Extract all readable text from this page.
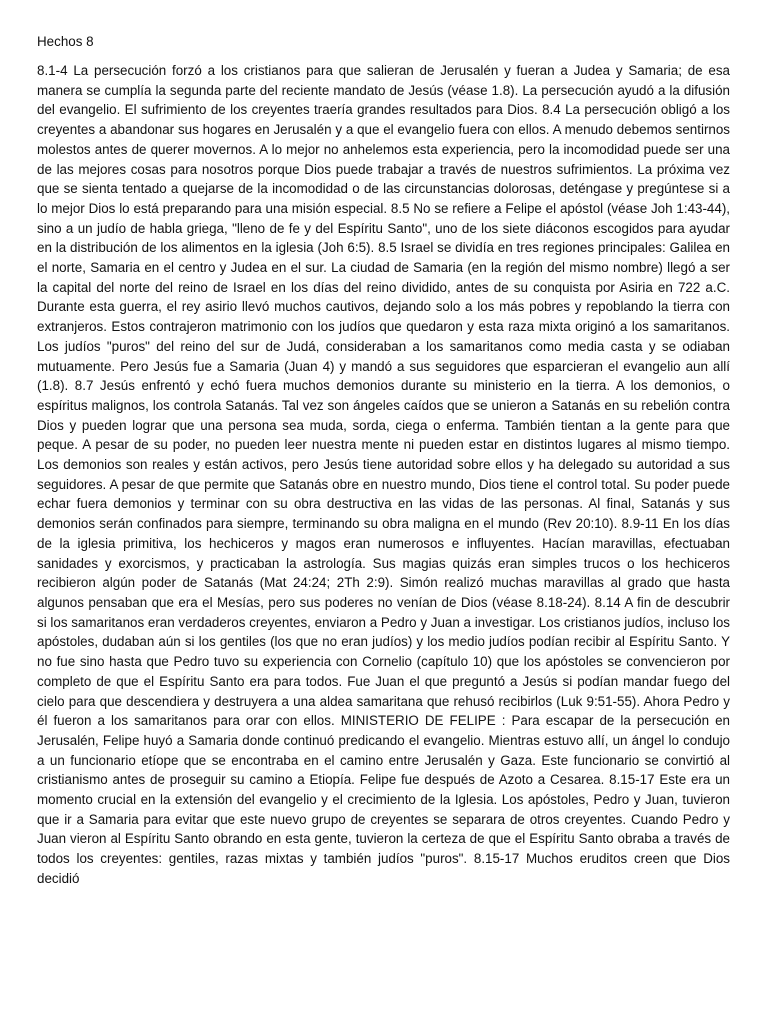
Hechos 8

8.1-4 La persecución forzó a los cristianos para que salieran de Jerusalén y fueran a Judea y Samaria; de esa manera se cumplía la segunda parte del reciente mandato de Jesús (véase 1.8). La persecución ayudó a la difusión del evangelio. El sufrimiento de los creyentes traería grandes resultados para Dios. 8.4 La persecución obligó a los creyentes a abandonar sus hogares en Jerusalén y a que el evangelio fuera con ellos. A menudo debemos sentirnos molestos antes de querer movernos. A lo mejor no anhelemos esta experiencia, pero la incomodidad puede ser una de las mejores cosas para nosotros porque Dios puede trabajar a través de nuestros sufrimientos. La próxima vez que se sienta tentado a quejarse de la incomodidad o de las circunstancias dolorosas, deténgase y pregúntese si a lo mejor Dios lo está preparando para una misión especial. 8.5 No se refiere a Felipe el apóstol (véase Joh 1:43-44), sino a un judío de habla griega, "lleno de fe y del Espíritu Santo", uno de los siete diáconos escogidos para ayudar en la distribución de los alimentos en la iglesia (Joh 6:5). 8.5 Israel se dividía en tres regiones principales: Galilea en el norte, Samaria en el centro y Judea en el sur. La ciudad de Samaria (en la región del mismo nombre) llegó a ser la capital del norte del reino de Israel en los días del reino dividido, antes de su conquista por Asiria en 722 a.C. Durante esta guerra, el rey asirio llevó muchos cautivos, dejando solo a los más pobres y repoblando la tierra con extranjeros. Estos contrajeron matrimonio con los judíos que quedaron y esta raza mixta originó a los samaritanos. Los judíos "puros" del reino del sur de Judá, consideraban a los samaritanos como media casta y se odiaban mutuamente. Pero Jesús fue a Samaria (Juan 4) y mandó a sus seguidores que esparcieran el evangelio aun allí (1.8). 8.7 Jesús enfrentó y echó fuera muchos demonios durante su ministerio en la tierra. A los demonios, o espíritus malignos, los controla Satanás. Tal vez son ángeles caídos que se unieron a Satanás en su rebelión contra Dios y pueden lograr que una persona sea muda, sorda, ciega o enferma. También tientan a la gente para que peque. A pesar de su poder, no pueden leer nuestra mente ni pueden estar en distintos lugares al mismo tiempo. Los demonios son reales y están activos, pero Jesús tiene autoridad sobre ellos y ha delegado su autoridad a sus seguidores. A pesar de que permite que Satanás obre en nuestro mundo, Dios tiene el control total. Su poder puede echar fuera demonios y terminar con su obra destructiva en las vidas de las personas. Al final, Satanás y sus demonios serán confinados para siempre, terminando su obra maligna en el mundo (Rev 20:10). 8.9-11 En los días de la iglesia primitiva, los hechiceros y magos eran numerosos e influyentes. Hacían maravillas, efectuaban sanidades y exorcismos, y practicaban la astrología. Sus magias quizás eran simples trucos o los hechiceros recibieron algún poder de Satanás (Mat 24:24; 2Th 2:9). Simón realizó muchas maravillas al grado que hasta algunos pensaban que era el Mesías, pero sus poderes no venían de Dios (véase 8.18-24). 8.14 A fin de descubrir si los samaritanos eran verdaderos creyentes, enviaron a Pedro y Juan a investigar. Los cristianos judíos, incluso los apóstoles, dudaban aún si los gentiles (los que no eran judíos) y los medio judíos podían recibir al Espíritu Santo. Y no fue sino hasta que Pedro tuvo su experiencia con Cornelio (capítulo 10) que los apóstoles se convencieron por completo de que el Espíritu Santo era para todos. Fue Juan el que preguntó a Jesús si podían mandar fuego del cielo para que descendiera y destruyera a una aldea samaritana que rehusó recibirlos (Luk 9:51-55). Ahora Pedro y él fueron a los samaritanos para orar con ellos. MINISTERIO DE FELIPE : Para escapar de la persecución en Jerusalén, Felipe huyó a Samaria donde continuó predicando el evangelio. Mientras estuvo allí, un ángel lo condujo a un funcionario etíope que se encontraba en el camino entre Jerusalén y Gaza. Este funcionario se convirtió al cristianismo antes de proseguir su camino a Etiopía. Felipe fue después de Azoto a Cesarea. 8.15-17 Este era un momento crucial en la extensión del evangelio y el crecimiento de la Iglesia. Los apóstoles, Pedro y Juan, tuvieron que ir a Samaria para evitar que este nuevo grupo de creyentes se separara de otros creyentes. Cuando Pedro y Juan vieron al Espíritu Santo obrando en esta gente, tuvieron la certeza de que el Espíritu Santo obraba a través de todos los creyentes: gentiles, razas mixtas y también judíos "puros". 8.15-17 Muchos eruditos creen que Dios decidió
